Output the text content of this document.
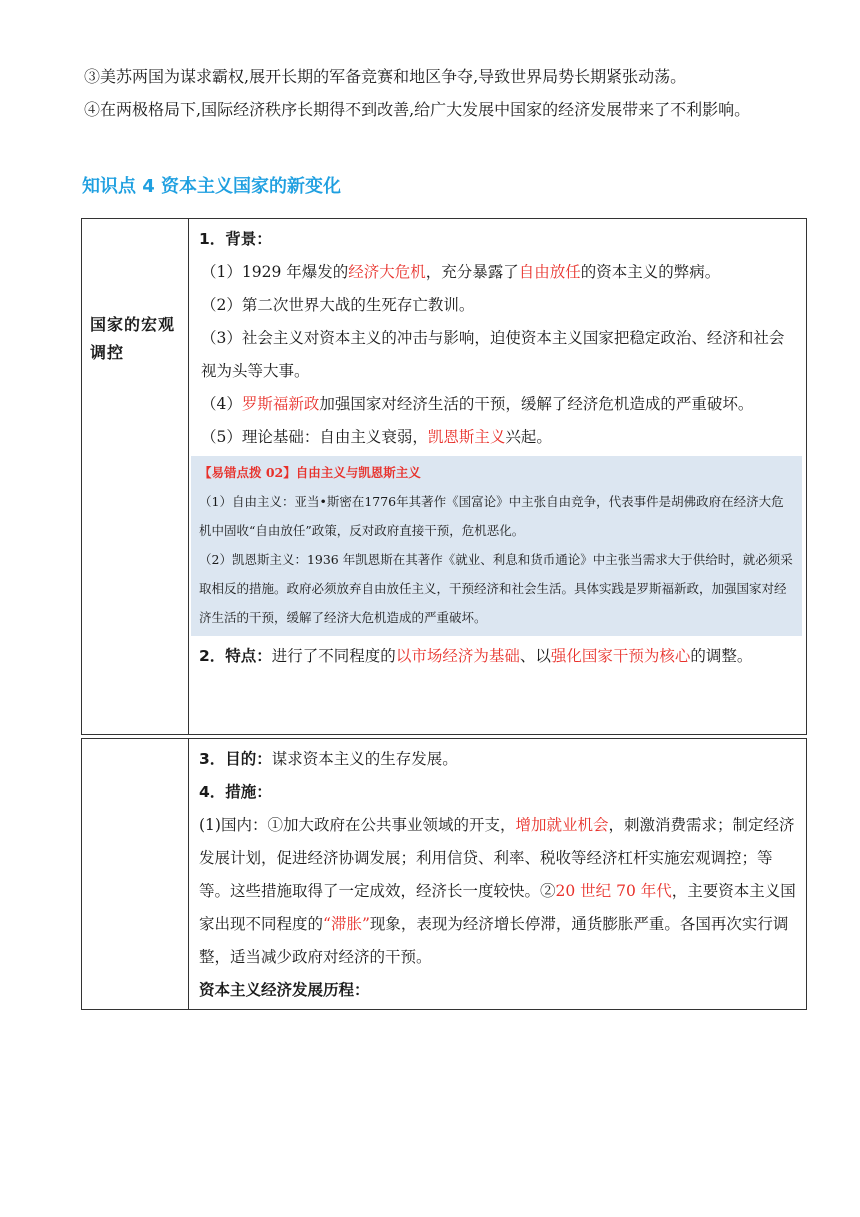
③美苏两国为谋求霸权,展开长期的军备竞赛和地区争夺,导致世界局势长期紧张动荡。

④在两极格局下,国际经济秩序长期得不到改善,给广大发展中国家的经济发展带来了不利影响。

知识点 4 资本主义国家的新变化
国家的宏观调控

1．背景：

（1）1929 年爆发的经济大危机，充分暴露了自由放任的资本主义的弊病。

（2）第二次世界大战的生死存亡教训。

（3）社会主义对资本主义的冲击与影响，迫使资本主义国家把稳定政治、经济和社会视为头等大事。

（4）罗斯福新政加强国家对经济生活的干预，缓解了经济危机造成的严重破坏。

（5）理论基础：自由主义衰弱，凯恩斯主义兴起。

【易错点拨 02】自由主义与凯恩斯主义

（1）自由主义：亚当•斯密在1776年其著作《国富论》中主张自由竞争，代表事件是胡佛政府在经济大危机中固收“自由放任”政策，反对政府直接干预，危机恶化。

（2）凯恩斯主义：1936 年凯恩斯在其著作《就业、利息和货币通论》中主张当需求大于供给时，就必须采取相反的措施。政府必须放弃自由放任主义，干预经济和社会生活。具体实践是罗斯福新政，加强国家对经济生活的干预，缓解了经济大危机造成的严重破坏。

2．特点：进行了不同程度的以市场经济为基础、以强化国家干预为核心的调整。

3．目的：谋求资本主义的生存发展。

4．措施：

(1)国内：①加大政府在公共事业领域的开支，增加就业机会，刺激消费需求；制定经济发展计划，促进经济协调发展；利用信贷、利率、税收等经济杠杆实施宏观调控；等等。这些措施取得了一定成效，经济长一度较快。②20 世纪 70 年代，主要资本主义国家出现不同程度的“滞胀”现象，表现为经济增长停滞，通货膨胀严重。各国再次实行调整，适当减少政府对经济的干预。

资本主义经济发展历程：
